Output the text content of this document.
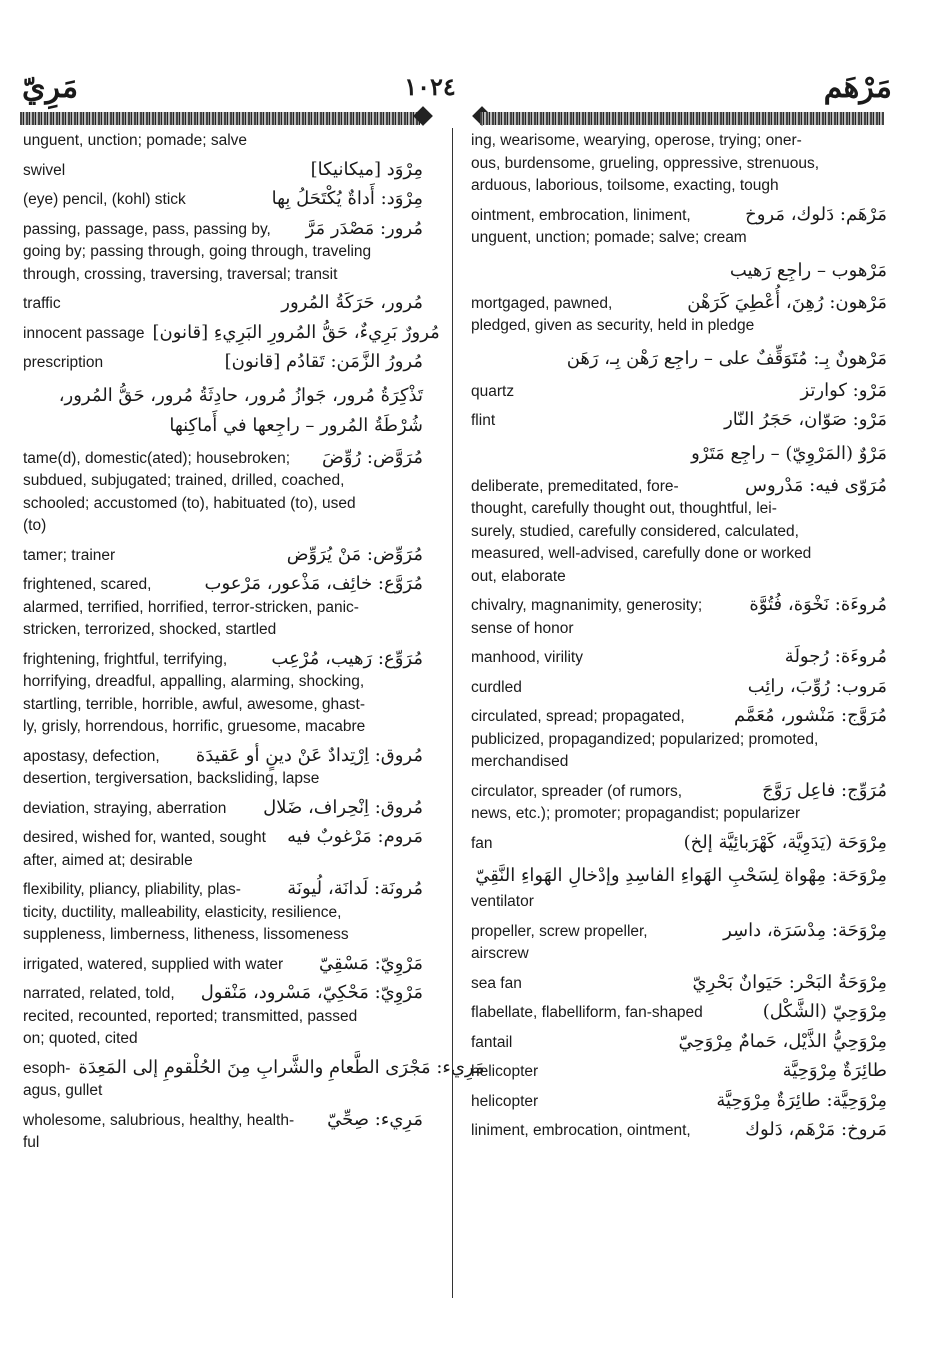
مَرِيّ	١٠٢٤	مَرْهَم
unguent, unction; pomade; salve
swivel	مِرْوَد [ميكانيكا]
(eye) pencil, (kohl) stick	مِرْوَد: أَداةٌ يُكْتَحَلُ بِها
passing, passage, pass, passing by, مُرور: مَصْدَر مَرَّ
going by; passing through, going through, traveling
through, crossing, traversing, traversal; transit
traffic	مُرور، حَرَكَةُ المُرور
innocent passage مُرورٌ بَرِيءٌ، حَقُّ المُرورِ البَرِيءِ [قانون]
prescription	مُرورُ الزَّمَن: تَقادُم [قانون]
تَذْكِرَةُ مُرور، جَوازُ مُرور، حادِثَةُ مُرور، حَقُّ المُرور،
شُرْطَةُ المُرور – راجِعها في أَماكِنها
tame(d), domestic(ated); housebroken; مُرَوَّض: رُوِّضَ
subdued, subjugated; trained, drilled, coached,
schooled; accustomed (to), habituated (to), used
(to)
tamer; trainer	مُرَوِّض: مَنْ يُرَوِّض
frightened, scared,	مُرَوَّع: خائِف، مَذْعور، مَرْعوب
alarmed, terrified, horrified, terror-stricken, panic-
stricken, terrorized, shocked, startled
frightening, frightful, terrifying, مُرَوِّع: رَهيب، مُرْعِب
horrifying, dreadful, appalling, alarming, shocking,
startling, terrible, horrible, awful, awesome, ghast-
ly, grisly, horrendous, horrific, gruesome, macabre
apostasy, defection, مُروق: اِرْتِدادٌ عَنْ دينٍ أو عَقيدَة
desertion, tergiversation, backsliding, lapse
deviation, straying, aberration مُروق: اِنْحِراف، ضَلال
desired, wished for, wanted, sought مَروم: مَرْغوبٌ فيه
after, aimed at; desirable
flexibility, pliancy, pliability, plas-	مُرونَة: لَدانَة، لُيونَة
ticity, ductility, malleability, elasticity, resilience,
suppleness, limberness, litheness, lissomeness
irrigated, watered, supplied with water مَرْوِيّ: مَسْقِيّ
narrated, related, told, مَرْوِيّ: مَحْكِيّ، مَسْرود، مَنْقول
recited, recounted, reported; transmitted, passed
on; quoted, cited
esoph- مَرِيء: مَجْرَى الطَّعامِ والشَّرابِ مِنَ الحُلْقومِ إلى المَعِدَة
agus, gullet
wholesome, salubrious, healthy, health- مَرِيء: صِحِّيّ
ful
ing, wearisome, wearying, operose, trying; oner-
ous, burdensome, grueling, oppressive, strenuous,
arduous, laborious, toilsome, exacting, tough
ointment, embrocation, liniment,	مَرْهَم: دَلوك، مَروخ
unguent, unction; pomade; salve; cream
مَرْهوب – راجِع رَهيب
mortgaged, pawned,	مَرْهون: رُهِنَ، أُعْطِيَ كَرَهْن
pledged, given as security, held in pledge
مَرْهونٌ بِـ: مُتَوَقِّفٌ على – راجِع رَهْن بِـ، رَهَن
quartz	مَرْو: كوارتز
flint	مَرْو: صَوّان، حَجَرُ النّار
مَرْوٌ (المَرْوِيّ) – راجِع مَتَرْو
deliberate, premeditated, fore-	مُرَوّى فيه: مَدْروس
thought, carefully thought out, thoughtful, lei-
surely, studied, carefully considered, calculated,
measured, well-advised, carefully done or worked
out, elaborate
chivalry, magnanimity, generosity;	مُروءَة: نَخْوَة، فُتُوَّة
sense of honor
manhood, virility	مُروءَة: رُجولَة
curdled	مَروب: رُوِّبَ، رائِب
circulated, spread; propagated,	مُرَوَّج: مَنْشور، مُعَمَّم
publicized, propagandized; popularized; promoted,
merchandised
circulator, spreader (of rumors,	مُرَوِّج: فاعِل رَوَّجَ
news, etc.); promoter; propagandist; popularizer
fan	مِرْوَحَة (يَدَوِيَّة، كَهْرَبائِيَّة إلخ)
مِرْوَحَة: مِهْواة لِسَحْبِ الهَواءِ الفاسِدِ وإدْخالِ الهَواءِ النَّقِيّ
ventilator
propeller, screw propeller,	مِرْوَحَة: مِدْسَرَة، داسِر
airscrew
sea fan	مِرْوَحَةُ البَحْر: حَيَوانٌ بَحْرِيّ
flabellate, flabelliform, fan-shaped	مِرْوَحِيّ (الشَّكْل)
fantail	مِرْوَحِيُّ الذَّيْل، حَمامٌ مِرْوَحِيّ
helicopter	طائِرَةٌ مِرْوَحِيَّة
helicopter	مِرْوَحِيَّة: طائِرَةٌ مِرْوَحِيَّة
liniment, embrocation, ointment,	مَروخ: مَرْهَم، دَلوك
